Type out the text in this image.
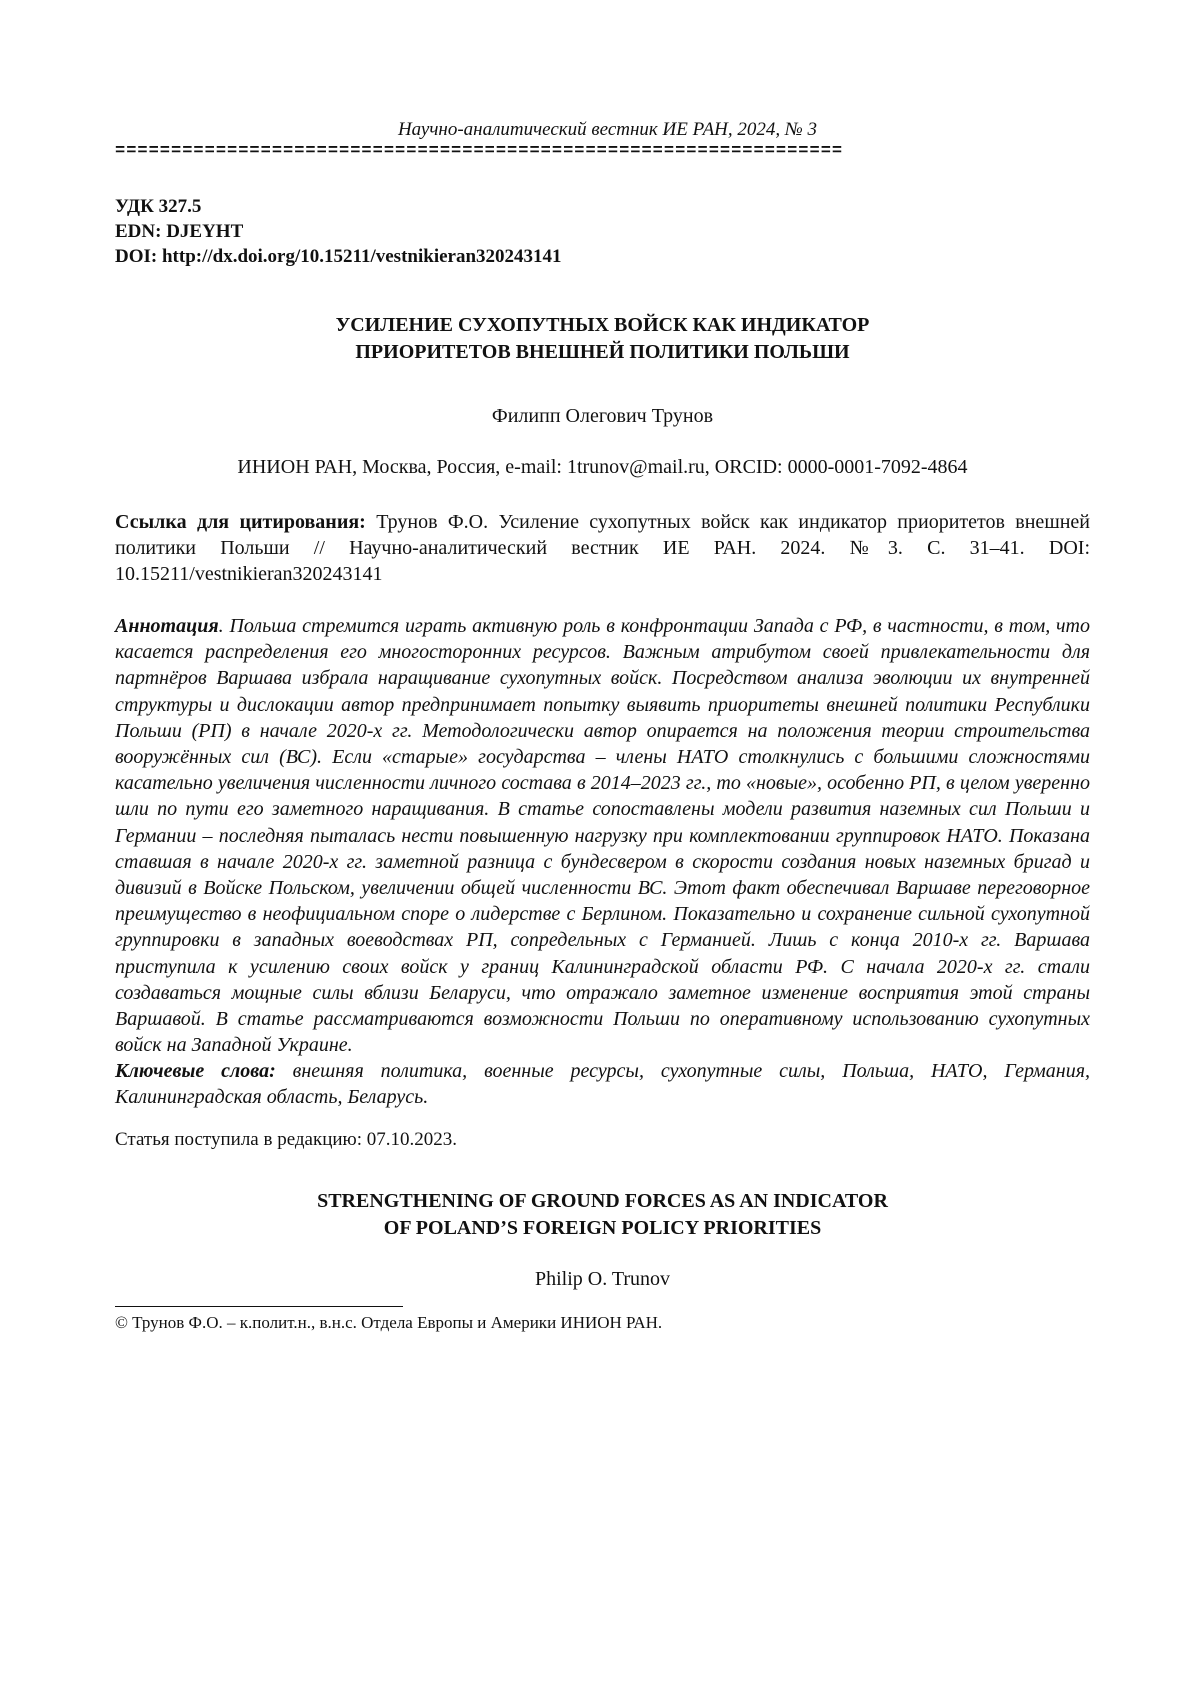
Научно-аналитический вестник ИЕ РАН, 2024, № 3
=================================================================
УДК 327.5
EDN: DJEYHT
DOI: http://dx.doi.org/10.15211/vestnikieran320243141
УСИЛЕНИЕ СУХОПУТНЫХ ВОЙСК КАК ИНДИКАТОР
ПРИОРИТЕТОВ ВНЕШНЕЙ ПОЛИТИКИ ПОЛЬШИ
Филипп Олегович Трунов
ИНИОН РАН, Москва, Россия, e-mail: 1trunov@mail.ru, ORCID: 0000-0001-7092-4864
Ссылка для цитирования: Трунов Ф.О. Усиление сухопутных войск как индикатор приоритетов внешней политики Польши // Научно-аналитический вестник ИЕ РАН. 2024. №3. С. 31–41. DOI: 10.15211/vestnikieran320243141
Аннотация. Польша стремится играть активную роль в конфронтации Запада с РФ, в частности, в том, что касается распределения его многосторонних ресурсов. Важным атрибутом своей привлекательности для партнёров Варшава избрала наращивание сухопутных войск. Посредством анализа эволюции их внутренней структуры и дислокации автор предпринимает попытку выявить приоритеты внешней политики Республики Польши (РП) в начале 2020-х гг. Методологически автор опирается на положения теории строительства вооружённых сил (ВС). Если «старые» государства – члены НАТО столкнулись с большими сложностями касательно увеличения численности личного состава в 2014–2023 гг., то «новые», особенно РП, в целом уверенно шли по пути его заметного наращивания. В статье сопоставлены модели развития наземных сил Польши и Германии – последняя пыталась нести повышенную нагрузку при комплектовании группировок НАТО. Показана ставшая в начале 2020-х гг. заметной разница с бундесвером в скорости создания новых наземных бригад и дивизий в Войске Польском, увеличении общей численности ВС. Этот факт обеспечивал Варшаве переговорное преимущество в неофициальном споре о лидерстве с Берлином. Показательно и сохранение сильной сухопутной группировки в западных воеводствах РП, сопредельных с Германией. Лишь с конца 2010-х гг. Варшава приступила к усилению своих войск у границ Калининградской области РФ. С начала 2020-х гг. стали создаваться мощные силы вблизи Беларуси, что отражало заметное изменение восприятия этой страны Варшавой. В статье рассматриваются возможности Польши по оперативному использованию сухопутных войск на Западной Украине.
Ключевые слова: внешняя политика, военные ресурсы, сухопутные силы, Польша, НАТО, Германия, Калининградская область, Беларусь.
Статья поступила в редакцию: 07.10.2023.
STRENGTHENING OF GROUND FORCES AS AN INDICATOR
OF POLAND’S FOREIGN POLICY PRIORITIES
Philip O. Trunov
© Трунов Ф.О. – к.полит.н., в.н.с. Отдела Европы и Америки ИНИОН РАН.
